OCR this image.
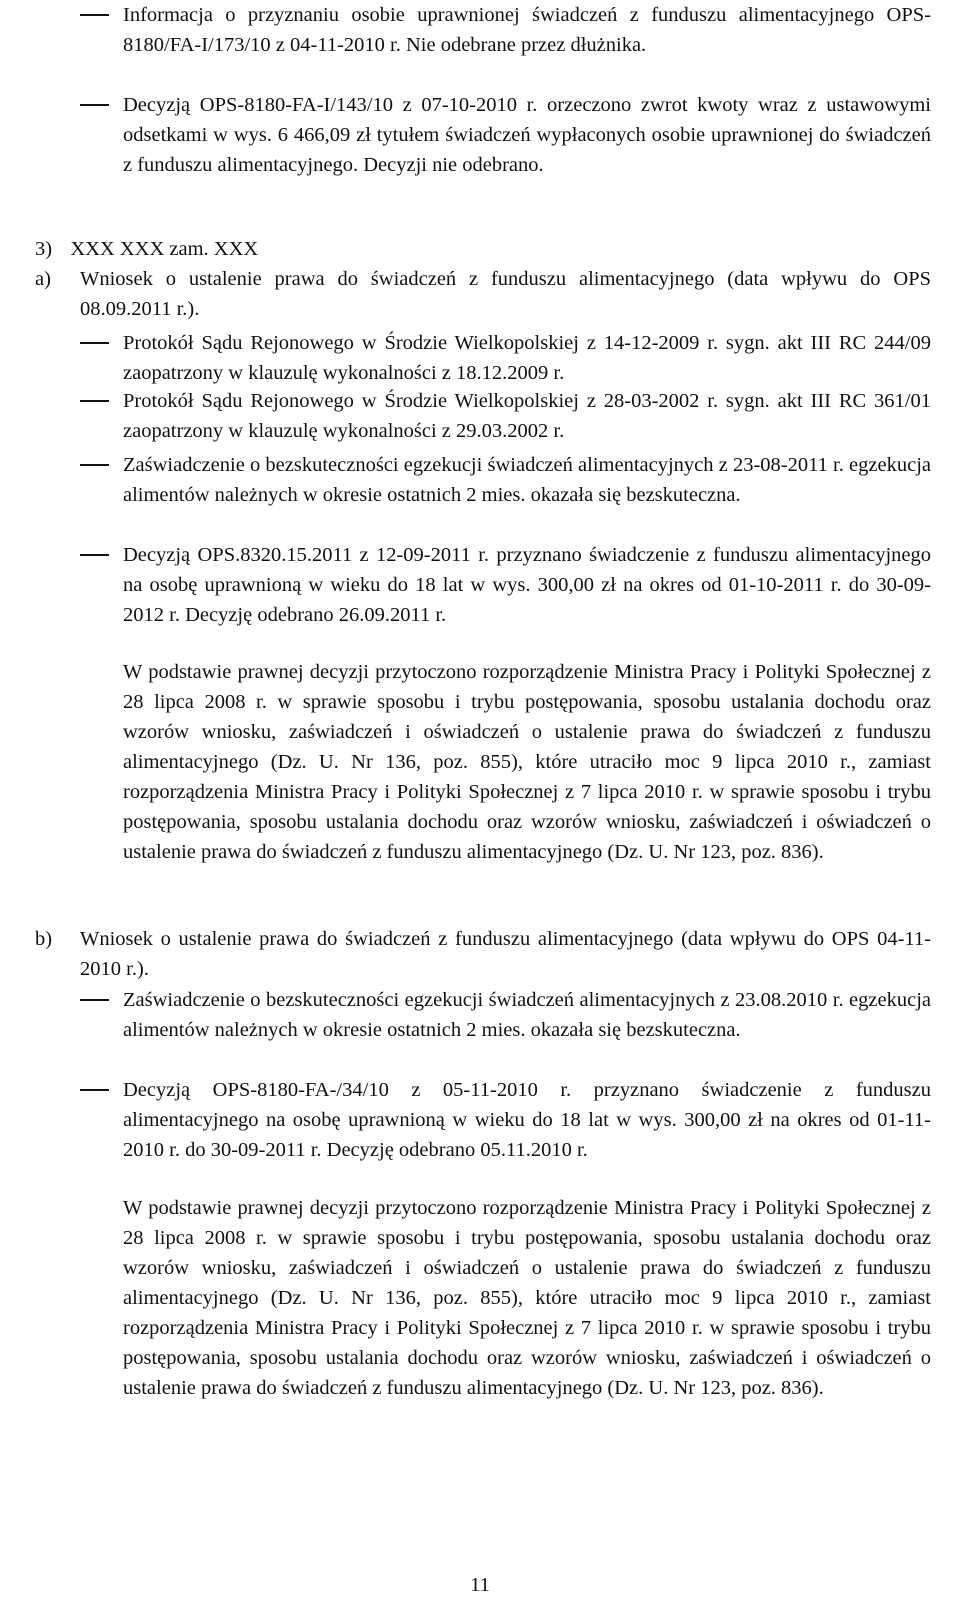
Informacja o przyznaniu osobie uprawnionej świadczeń z funduszu alimentacyjnego OPS-8180/FA-I/173/10 z 04-11-2010 r. Nie odebrane przez dłużnika.
Decyzją OPS-8180-FA-I/143/10 z 07-10-2010 r. orzeczono zwrot kwoty wraz z ustawowymi odsetkami w wys. 6 466,09 zł tytułem świadczeń wypłaconych osobie uprawnionej do świadczeń z funduszu alimentacyjnego. Decyzji nie odebrano.
3) XXX XXX zam. XXX
a) Wniosek o ustalenie prawa do świadczeń z funduszu alimentacyjnego (data wpływu do OPS 08.09.2011 r.).
Protokół Sądu Rejonowego w Środzie Wielkopolskiej z 14-12-2009 r. sygn. akt III RC 244/09 zaopatrzony w klauzulę wykonalności z 18.12.2009 r.
Protokół Sądu Rejonowego w Środzie Wielkopolskiej z 28-03-2002 r. sygn. akt III RC 361/01 zaopatrzony w klauzulę wykonalności z 29.03.2002 r.
Zaświadczenie o bezskuteczności egzekucji świadczeń alimentacyjnych z 23-08-2011 r. egzekucja alimentów należnych w okresie ostatnich 2 mies. okazała się bezskuteczna.
Decyzją OPS.8320.15.2011 z 12-09-2011 r. przyznano świadczenie z funduszu alimentacyjnego na osobę uprawnioną w wieku do 18 lat w wys. 300,00 zł na okres od 01-10-2011 r. do 30-09-2012 r. Decyzję odebrano 26.09.2011 r.
W podstawie prawnej decyzji przytoczono rozporządzenie Ministra Pracy i Polityki Społecznej z 28 lipca 2008 r. w sprawie sposobu i trybu postępowania, sposobu ustalania dochodu oraz wzorów wniosku, zaświadczeń i oświadczeń o ustalenie prawa do świadczeń z funduszu alimentacyjnego (Dz. U. Nr 136, poz. 855), które utraciło moc 9 lipca 2010 r., zamiast rozporządzenia Ministra Pracy i Polityki Społecznej z 7 lipca 2010 r. w sprawie sposobu i trybu postępowania, sposobu ustalania dochodu oraz wzorów wniosku, zaświadczeń i oświadczeń o ustalenie prawa do świadczeń z funduszu alimentacyjnego (Dz. U. Nr 123, poz. 836).
b) Wniosek o ustalenie prawa do świadczeń z funduszu alimentacyjnego (data wpływu do OPS 04-11-2010 r.).
Zaświadczenie o bezskuteczności egzekucji świadczeń alimentacyjnych z 23.08.2010 r. egzekucja alimentów należnych w okresie ostatnich 2 mies. okazała się bezskuteczna.
Decyzją OPS-8180-FA-/34/10 z 05-11-2010 r. przyznano świadczenie z funduszu alimentacyjnego na osobę uprawnioną w wieku do 18 lat w wys. 300,00 zł na okres od 01-11-2010 r. do 30-09-2011 r. Decyzję odebrano 05.11.2010 r.
W podstawie prawnej decyzji przytoczono rozporządzenie Ministra Pracy i Polityki Społecznej z 28 lipca 2008 r. w sprawie sposobu i trybu postępowania, sposobu ustalania dochodu oraz wzorów wniosku, zaświadczeń i oświadczeń o ustalenie prawa do świadczeń z funduszu alimentacyjnego (Dz. U. Nr 136, poz. 855), które utraciło moc 9 lipca 2010 r., zamiast rozporządzenia Ministra Pracy i Polityki Społecznej z 7 lipca 2010 r. w sprawie sposobu i trybu postępowania, sposobu ustalania dochodu oraz wzorów wniosku, zaświadczeń i oświadczeń o ustalenie prawa do świadczeń z funduszu alimentacyjnego (Dz. U. Nr 123, poz. 836).
11
